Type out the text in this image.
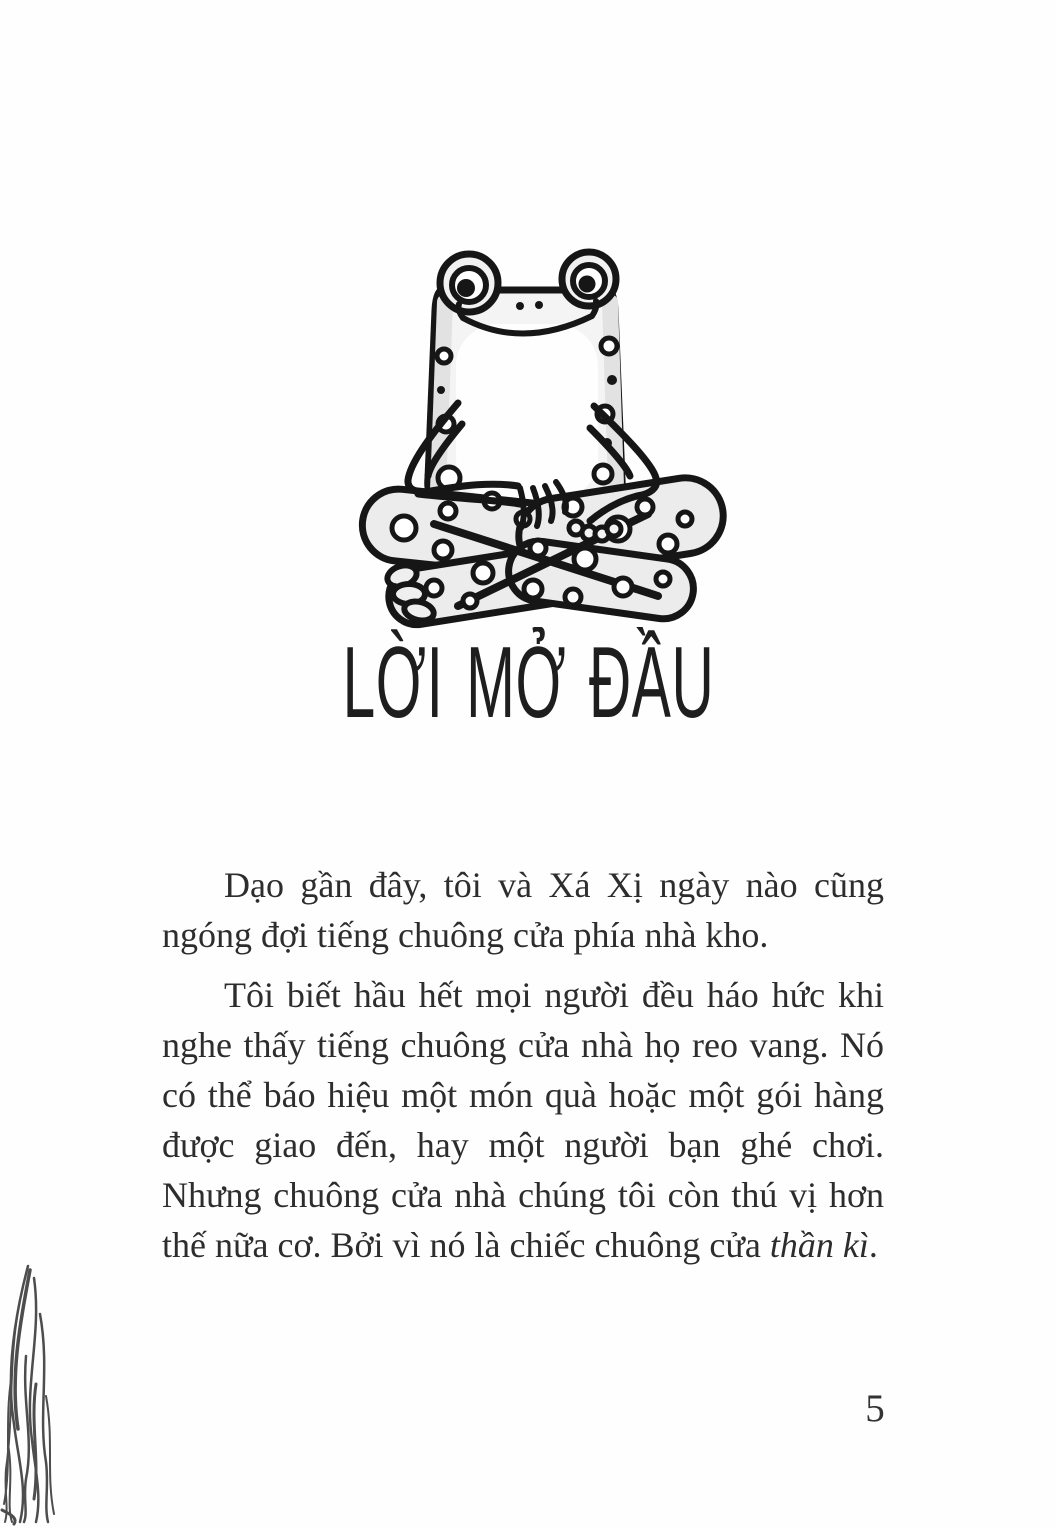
LỜI MỞ ĐẦU

Dạo gần đây, tôi và Xá Xị ngày nào cũng ngóng đợi tiếng chuông cửa phía nhà kho.

Tôi biết hầu hết mọi người đều háo hức khi nghe thấy tiếng chuông cửa nhà họ reo vang. Nó có thể báo hiệu một món quà hoặc một gói hàng được giao đến, hay một người bạn ghé chơi. Nhưng chuông cửa nhà chúng tôi còn thú vị hơn thế nữa cơ. Bởi vì nó là chiếc chuông cửa thần kì.

5
